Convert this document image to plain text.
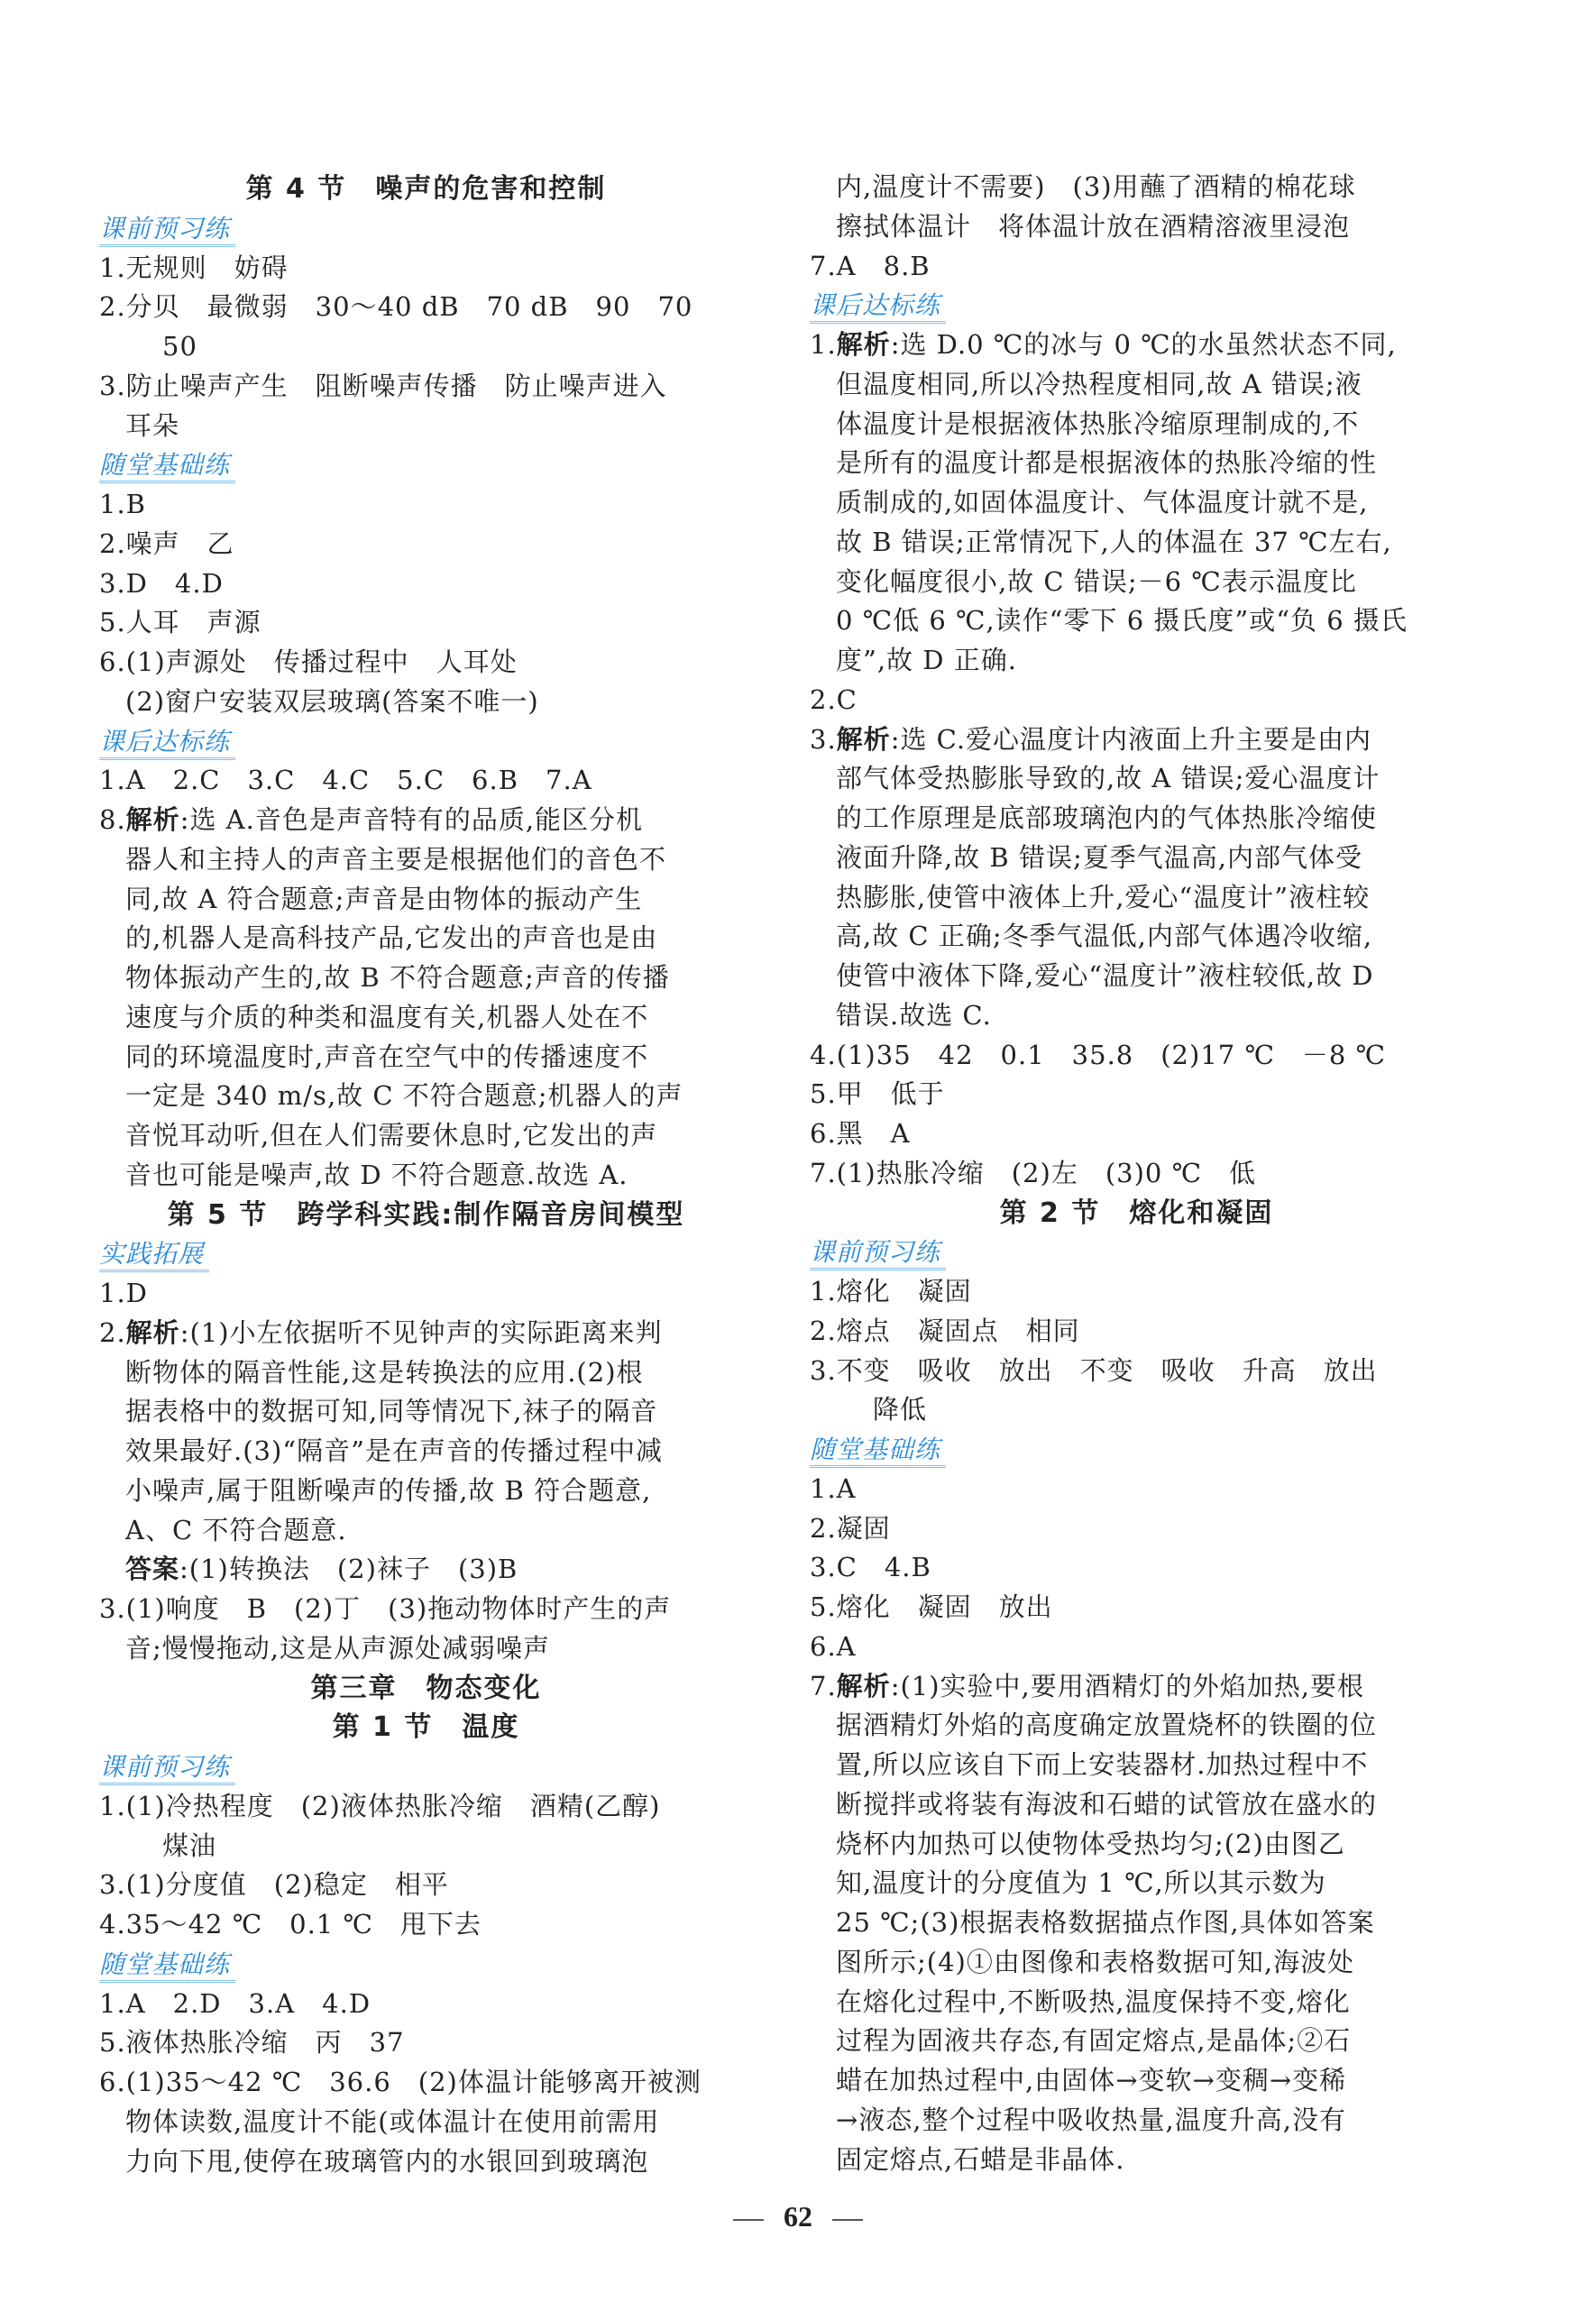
第 4 节　噪声的危害和控制
课前预习练
1.无规则　妨碍
2.分贝　最微弱　30～40 dB　70 dB　90　70
50
3.防止噪声产生　阻断噪声传播　防止噪声进入
耳朵
随堂基础练
1.B
2.噪声　乙
3.D　4.D
5.人耳　声源
6.(1)声源处　传播过程中　人耳处
(2)窗户安装双层玻璃(答案不唯一)
课后达标练
1.A　2.C　3.C　4.C　5.C　6.B　7.A
8.解析:选 A.音色是声音特有的品质,能区分机
器人和主持人的声音主要是根据他们的音色不
同,故 A 符合题意;声音是由物体的振动产生
的,机器人是高科技产品,它发出的声音也是由
物体振动产生的,故 B 不符合题意;声音的传播
速度与介质的种类和温度有关,机器人处在不
同的环境温度时,声音在空气中的传播速度不
一定是 340 m/s,故 C 不符合题意;机器人的声
音悦耳动听,但在人们需要休息时,它发出的声
音也可能是噪声,故 D 不符合题意.故选 A.
第 5 节　跨学科实践:制作隔音房间模型
实践拓展
1.D
2.解析:(1)小左依据听不见钟声的实际距离来判
断物体的隔音性能,这是转换法的应用.(2)根
据表格中的数据可知,同等情况下,袜子的隔音
效果最好.(3)“隔音”是在声音的传播过程中减
小噪声,属于阻断噪声的传播,故 B 符合题意,
A、C 不符合题意.
答案:(1)转换法　(2)袜子　(3)B
3.(1)响度　B　(2)丁　(3)拖动物体时产生的声
音;慢慢拖动,这是从声源处减弱噪声
第三章　物态变化
第 1 节　温度
课前预习练
1.(1)冷热程度　(2)液体热胀冷缩　酒精(乙醇)
煤油
3.(1)分度值　(2)稳定　相平
4.35～42 ℃　0.1 ℃　甩下去
随堂基础练
1.A　2.D　3.A　4.D
5.液体热胀冷缩　丙　37
6.(1)35～42 ℃　36.6　(2)体温计能够离开被测
物体读数,温度计不能(或体温计在使用前需用
力向下甩,使停在玻璃管内的水银回到玻璃泡
内,温度计不需要)　(3)用蘸了酒精的棉花球
擦拭体温计　将体温计放在酒精溶液里浸泡
7.A　8.B
课后达标练
1.解析:选 D.0 ℃的冰与 0 ℃的水虽然状态不同,
但温度相同,所以冷热程度相同,故 A 错误;液
体温度计是根据液体热胀冷缩原理制成的,不
是所有的温度计都是根据液体的热胀冷缩的性
质制成的,如固体温度计、气体温度计就不是,
故 B 错误;正常情况下,人的体温在 37 ℃左右,
变化幅度很小,故 C 错误;－6 ℃表示温度比
0 ℃低 6 ℃,读作“零下 6 摄氏度”或“负 6 摄氏
度”,故 D 正确.
2.C
3.解析:选 C.爱心温度计内液面上升主要是由内
部气体受热膨胀导致的,故 A 错误;爱心温度计
的工作原理是底部玻璃泡内的气体热胀冷缩使
液面升降,故 B 错误;夏季气温高,内部气体受
热膨胀,使管中液体上升,爱心“温度计”液柱较
高,故 C 正确;冬季气温低,内部气体遇冷收缩,
使管中液体下降,爱心“温度计”液柱较低,故 D
错误.故选 C.
4.(1)35　42　0.1　35.8　(2)17 ℃　－8 ℃
5.甲　低于
6.黑　A
7.(1)热胀冷缩　(2)左　(3)0 ℃　低
第 2 节　熔化和凝固
课前预习练
1.熔化　凝固
2.熔点　凝固点　相同
3.不变　吸收　放出　不变　吸收　升高　放出
降低
随堂基础练
1.A
2.凝固
3.C　4.B
5.熔化　凝固　放出
6.A
7.解析:(1)实验中,要用酒精灯的外焰加热,要根
据酒精灯外焰的高度确定放置烧杯的铁圈的位
置,所以应该自下而上安装器材.加热过程中不
断搅拌或将装有海波和石蜡的试管放在盛水的
烧杯内加热可以使物体受热均匀;(2)由图乙
知,温度计的分度值为 1 ℃,所以其示数为
25 ℃;(3)根据表格数据描点作图,具体如答案
图所示;(4)①由图像和表格数据可知,海波处
在熔化过程中,不断吸热,温度保持不变,熔化
过程为固液共存态,有固定熔点,是晶体;②石
蜡在加热过程中,由固体→变软→变稠→变稀
→液态,整个过程中吸收热量,温度升高,没有
固定熔点,石蜡是非晶体.
62
